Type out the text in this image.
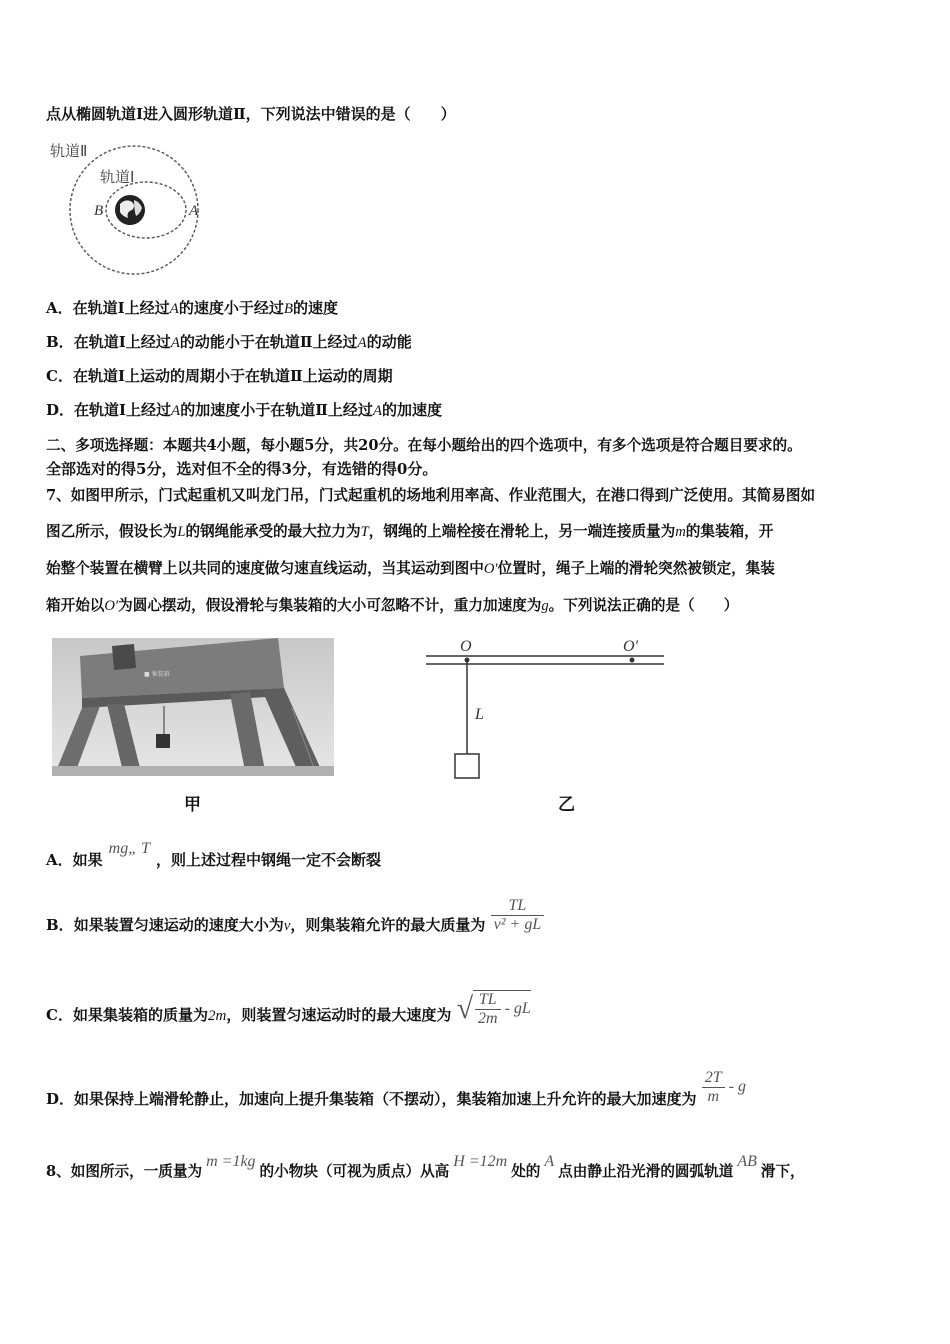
点从椭圆轨道Ⅰ进入圆形轨道Ⅱ，下列说法中错误的是（　　）
轨道Ⅱ
轨道Ⅰ
B	A
A．在轨道Ⅰ上经过A的速度小于经过B的速度
B．在轨道Ⅰ上经过A的动能小于在轨道Ⅱ上经过A的动能
C．在轨道Ⅰ上运动的周期小于在轨道Ⅱ上运动的周期
D．在轨道Ⅰ上经过A的加速度小于在轨道Ⅱ上经过A的加速度
二、多项选择题：本题共4小题，每小题5分，共20分。在每小题给出的四个选项中，有多个选项是符合题目要求的。
全部选对的得5分，选对但不全的得3分，有选错的得0分。
7、如图甲所示，门式起重机又叫龙门吊，门式起重机的场地利用率高、作业范围大，在港口得到广泛使用。其简易图如
图乙所示，假设长为L的钢绳能承受的最大拉力为T，钢绳的上端栓接在滑轮上，另一端连接质量为m的集装箱，开
始整个装置在横臂上以共同的速度做匀速直线运动，当其运动到图中O′位置时，绳子上端的滑轮突然被锁定，集装
箱开始以O′为圆心摆动，假设滑轮与集装箱的大小可忽略不计，重力加速度为g。下列说法正确的是（　　）
■ 集装箱
O	O′
L
甲	乙
A．如果mg„ T，则上述过程中钢绳一定不会断裂
B．如果装置匀速运动的速度大小为v，则集装箱允许的最大质量为 $\frac{TL}{\text{v² + gL}}$
C．如果集装箱的质量为2m，则装置匀速运动时的最大速度为 √ $\frac{TL}{2m}$ - gL
D．如果保持上端滑轮静止，加速向上提升集装箱（不摆动），集装箱加速上升允许的最大加速度为 $\frac{2T}{m}$ - g
8、如图所示，一质量为m =1kg的小物块（可视为质点）从高H =12m处的A点由静止沿光滑的圆弧轨道AB滑下，
